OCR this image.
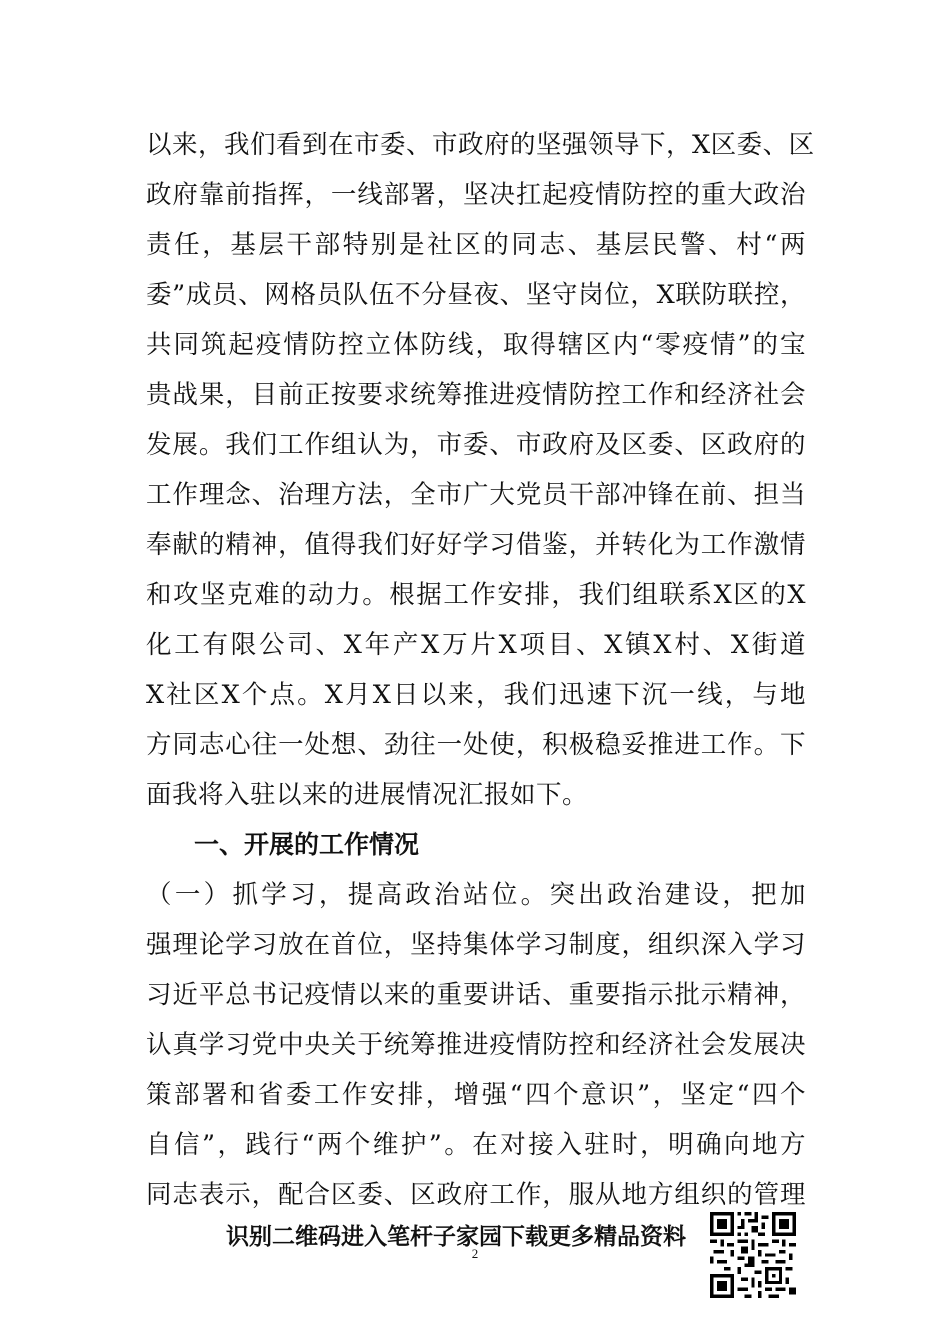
以来，我们看到在市委、市政府的坚强领导下，X区委、区
政府靠前指挥，一线部署，坚决扛起疫情防控的重大政治
责任，基层干部特别是社区的同志、基层民警、村“两
委”成员、网格员队伍不分昼夜、坚守岗位，X联防联控，
共同筑起疫情防控立体防线，取得辖区内“零疫情”的宝
贵战果，目前正按要求统筹推进疫情防控工作和经济社会
发展。我们工作组认为，市委、市政府及区委、区政府的
工作理念、治理方法，全市广大党员干部冲锋在前、担当
奉献的精神，值得我们好好学习借鉴，并转化为工作激情
和攻坚克难的动力。根据工作安排，我们组联系X区的X
化工有限公司、X年产X万片X项目、X镇X村、X街道
X社区X个点。X月X日以来，我们迅速下沉一线，与地
方同志心往一处想、劲往一处使，积极稳妥推进工作。下
面我将入驻以来的进展情况汇报如下。
一、开展的工作情况
（一）抓学习，提高政治站位。突出政治建设，把加
强理论学习放在首位，坚持集体学习制度，组织深入学习
习近平总书记疫情以来的重要讲话、重要指示批示精神，
认真学习党中央关于统筹推进疫情防控和经济社会发展决
策部署和省委工作安排，增强“四个意识”，坚定“四个
自信”，践行“两个维护”。在对接入驻时，明确向地方
同志表示，配合区委、区政府工作，服从地方组织的管理
识别二维码进入笔杆子家园下载更多精品资料
2
